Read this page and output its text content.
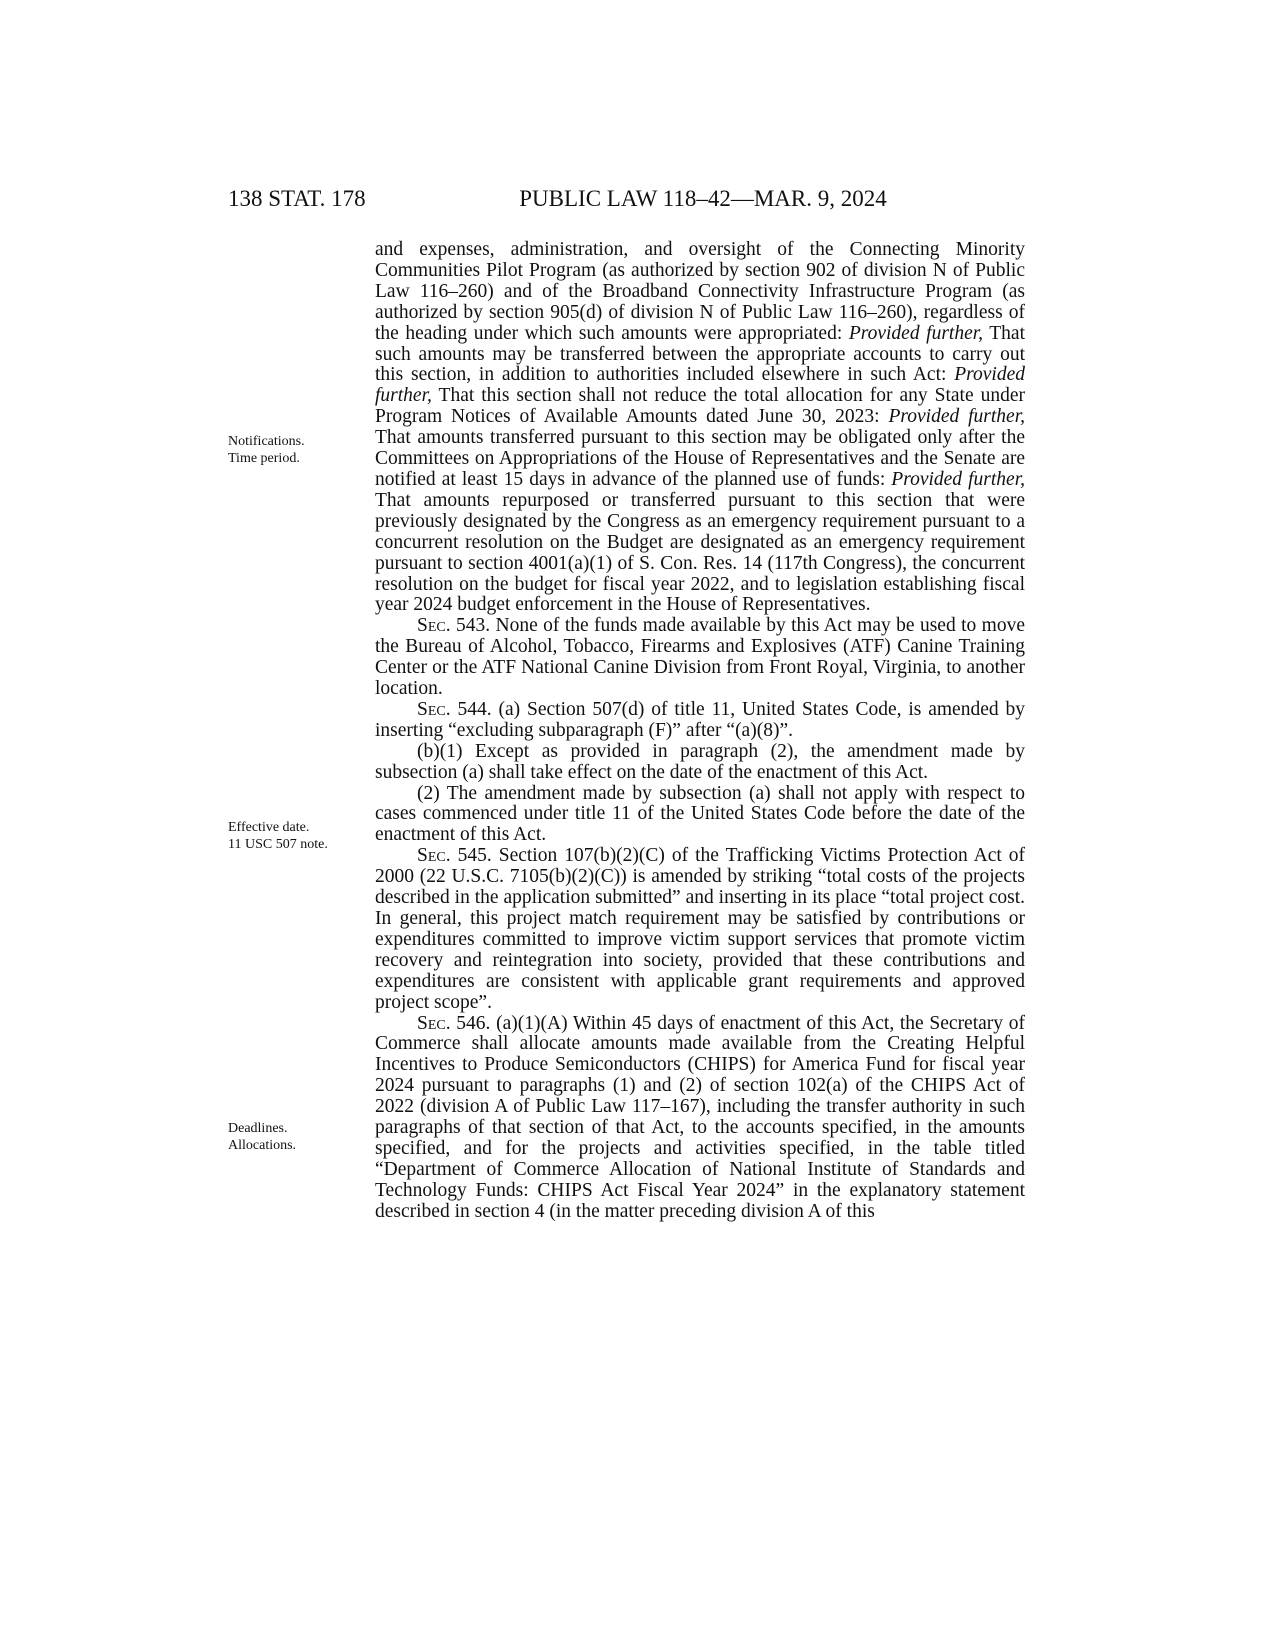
138 STAT. 178	PUBLIC LAW 118–42—MAR. 9, 2024
Notifications.
Time period.
Effective date.
11 USC 507 note.
Deadlines.
Allocations.

and expenses, administration, and oversight of the Connecting Minority Communities Pilot Program (as authorized by section 902 of division N of Public Law 116–260) and of the Broadband Connectivity Infrastructure Program (as authorized by section 905(d) of division N of Public Law 116–260), regardless of the heading under which such amounts were appropriated: Provided further, That such amounts may be transferred between the appropriate accounts to carry out this section, in addition to authorities included elsewhere in such Act: Provided further, That this section shall not reduce the total allocation for any State under Program Notices of Available Amounts dated June 30, 2023: Provided further, That amounts transferred pursuant to this section may be obligated only after the Committees on Appropriations of the House of Representatives and the Senate are notified at least 15 days in advance of the planned use of funds: Provided further, That amounts repurposed or transferred pursuant to this section that were previously designated by the Congress as an emergency requirement pursuant to a concurrent resolution on the Budget are designated as an emergency requirement pursuant to section 4001(a)(1) of S. Con. Res. 14 (117th Congress), the concurrent resolution on the budget for fiscal year 2022, and to legislation establishing fiscal year 2024 budget enforcement in the House of Representatives.

Sec. 543. None of the funds made available by this Act may be used to move the Bureau of Alcohol, Tobacco, Firearms and Explosives (ATF) Canine Training Center or the ATF National Canine Division from Front Royal, Virginia, to another location.

Sec. 544. (a) Section 507(d) of title 11, United States Code, is amended by inserting “excluding subparagraph (F)” after “(a)(8)”.

(b)(1) Except as provided in paragraph (2), the amendment made by subsection (a) shall take effect on the date of the enactment of this Act.

(2) The amendment made by subsection (a) shall not apply with respect to cases commenced under title 11 of the United States Code before the date of the enactment of this Act.

Sec. 545. Section 107(b)(2)(C) of the Trafficking Victims Protection Act of 2000 (22 U.S.C. 7105(b)(2)(C)) is amended by striking “total costs of the projects described in the application submitted” and inserting in its place “total project cost. In general, this project match requirement may be satisfied by contributions or expenditures committed to improve victim support services that promote victim recovery and reintegration into society, provided that these contributions and expenditures are consistent with applicable grant requirements and approved project scope”.

Sec. 546. (a)(1)(A) Within 45 days of enactment of this Act, the Secretary of Commerce shall allocate amounts made available from the Creating Helpful Incentives to Produce Semiconductors (CHIPS) for America Fund for fiscal year 2024 pursuant to paragraphs (1) and (2) of section 102(a) of the CHIPS Act of 2022 (division A of Public Law 117–167), including the transfer authority in such paragraphs of that section of that Act, to the accounts specified, in the amounts specified, and for the projects and activities specified, in the table titled “Department of Commerce Allocation of National Institute of Standards and Technology Funds: CHIPS Act Fiscal Year 2024” in the explanatory statement described in section 4 (in the matter preceding division A of this
